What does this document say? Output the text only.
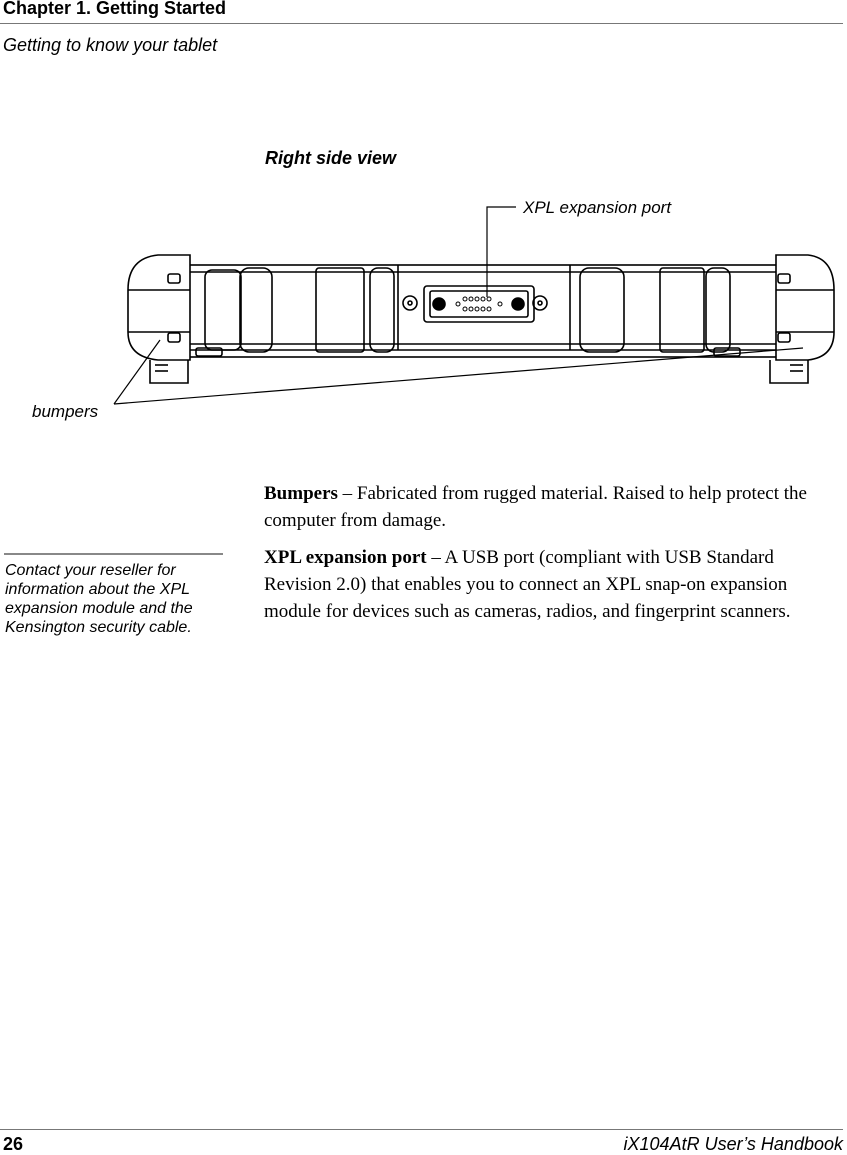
Chapter 1. Getting Started
Getting to know your tablet
Right side view
XPL expansion port
bumpers
Bumpers – Fabricated from rugged material. Raised to help protect the computer from damage.
XPL expansion port – A USB port (compliant with USB Standard Revision 2.0) that enables you to connect an XPL snap-on expansion module for devices such as cameras, radios, and fingerprint scanners.
Contact your reseller for information about the XPL expansion module and the Kensington security cable.
26	iX104AtR User’s Handbook
